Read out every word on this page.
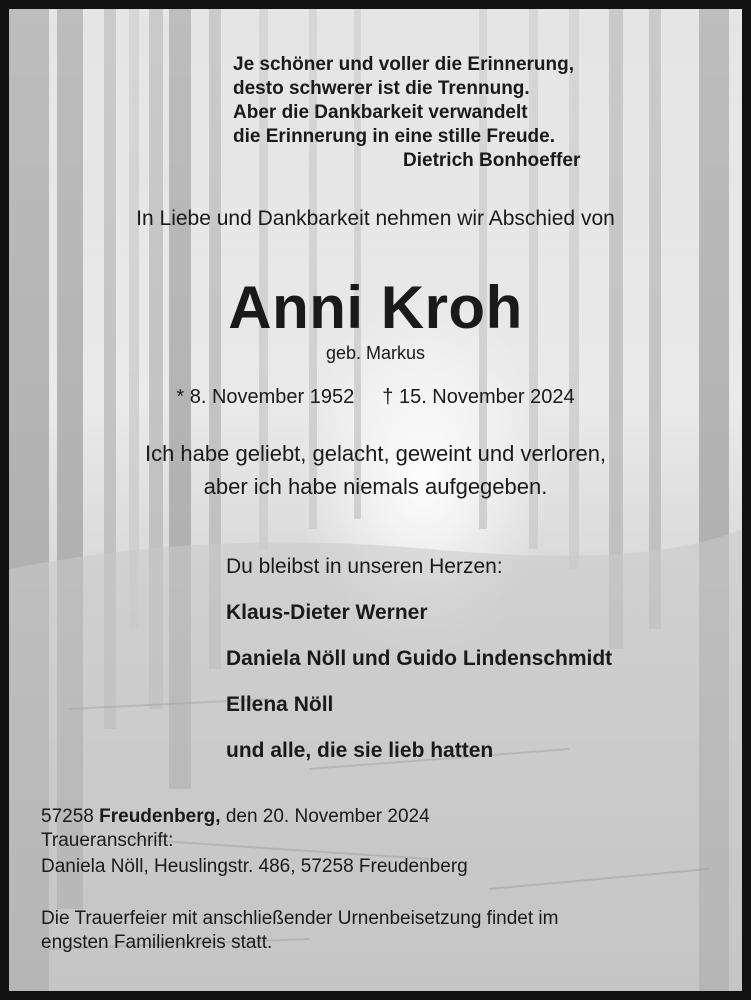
Je schöner und voller die Erinnerung,
desto schwerer ist die Trennung.
Aber die Dankbarkeit verwandelt
die Erinnerung in eine stille Freude.
Dietrich Bonhoeffer
In Liebe und Dankbarkeit nehmen wir Abschied von
Anni Kroh
geb. Markus
* 8. November 1952 † 15. November 2024
Ich habe geliebt, gelacht, geweint und verloren,
aber ich habe niemals aufgegeben.
Du bleibst in unseren Herzen:
Klaus-Dieter Werner
Daniela Nöll und Guido Lindenschmidt
Ellena Nöll
und alle, die sie lieb hatten
57258 Freudenberg, den 20. November 2024
Traueranschrift:
Daniela Nöll, Heuslingstr. 486, 57258 Freudenberg
Die Trauerfeier mit anschließender Urnenbeisetzung findet im
engsten Familienkreis statt.
